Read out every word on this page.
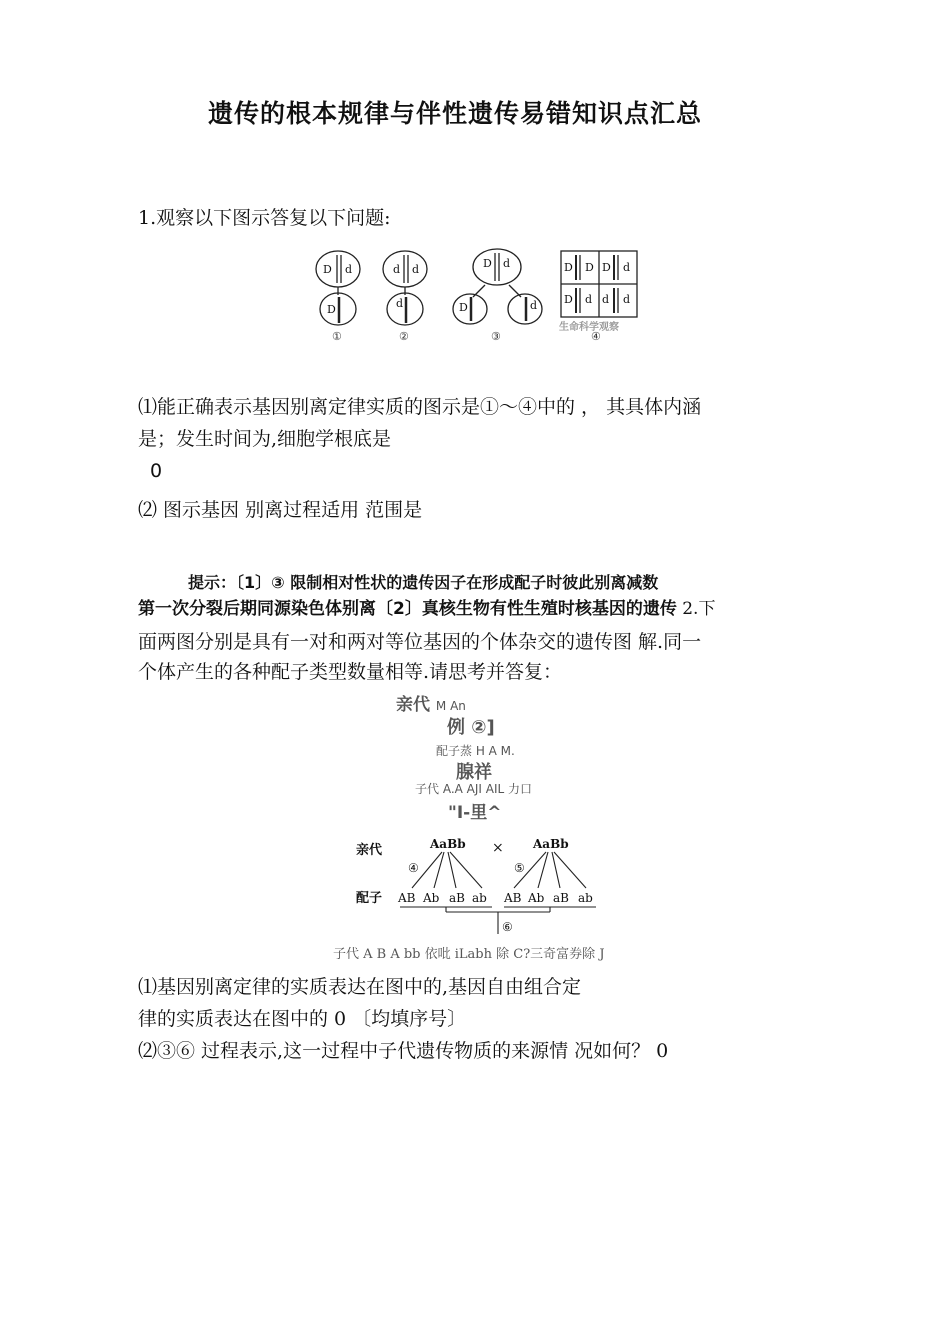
遗传的根本规律与伴性遗传易错知识点汇总
1.观察以下图示答复以下问题:
D d
D
d d
d
D d
D	d
D D D d
D d d d
①	②	③	④
生命科学观察
⑴能正确表示基因别离定律实质的图示是①〜④中的 ， 其具体内涵
是；发生时间为,细胞学根底是
0
⑵ 图示基因 别离过程适用 范围是
提示：〔1〕③ 限制相对性状的遗传因子在形成配子时彼此别离减数
第一次分裂后期同源染色体别离〔2〕真核生物有性生殖时核基因的遗传 2.下
面两图分别是具有一对和两对等位基因的个体杂交的遗传图 解.同一
个体产生的各种配子类型数量相等.请思考并答复：
亲代 M An
例 ②]
配子蒸 H A M.
腺祥
子代 A.A AJI AIL 力口
"I-里^
亲代
配子
AaBb × AaBb
④	⑤
⑥
AB Ab aB ab AB Ab aB ab
子代 A B A bb 依吡 iLabh 除 C?三奇富券除 J
⑴基因别离定律的实质表达在图中的,基因自由组合定
律的实质表达在图中的 0 〔均填序号〕
⑵③⑥ 过程表示,这一过程中子代遗传物质的来源情 况如何？ 0
